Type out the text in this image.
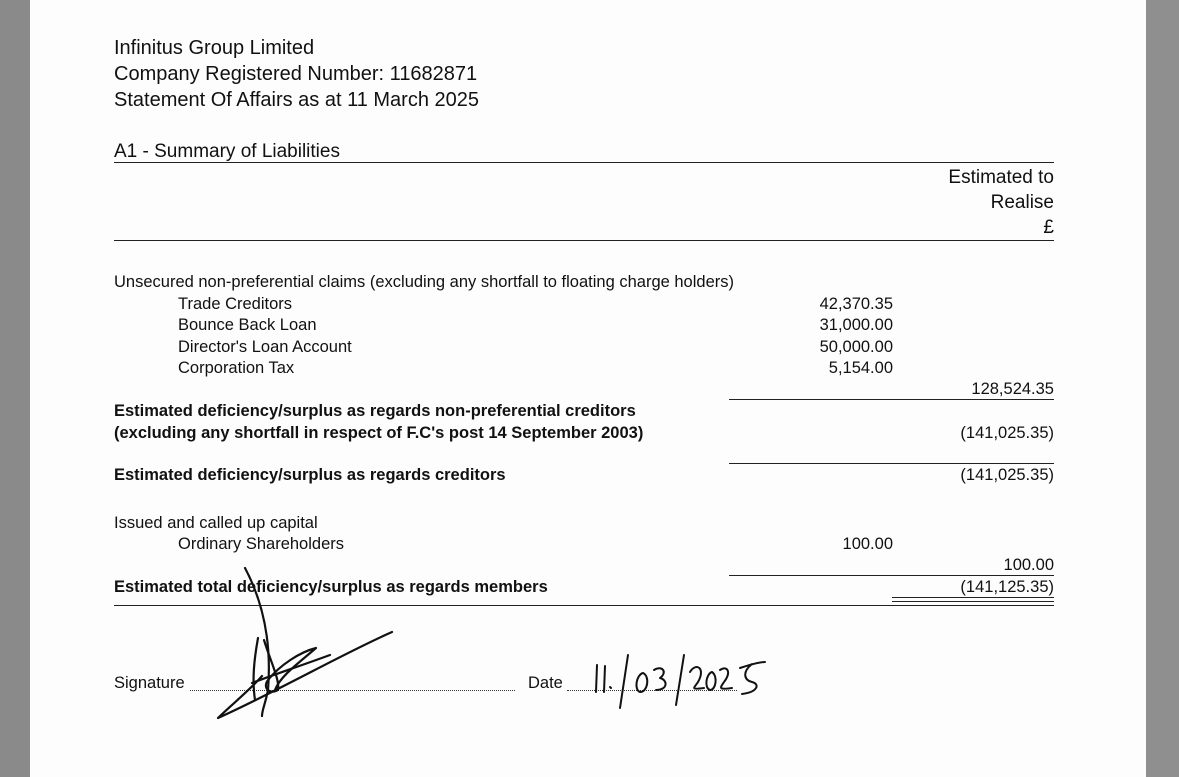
Infinitus Group Limited
Company Registered Number: 11682871
Statement Of Affairs as at 11 March 2025
A1 - Summary of Liabilities
Estimated to
Realise
£
Unsecured non-preferential claims (excluding any shortfall to floating charge holders)
Trade Creditors	42,370.35
Bounce Back Loan	31,000.00
Director's Loan Account	50,000.00
Corporation Tax	5,154.00
128,524.35
Estimated deficiency/surplus as regards non-preferential creditors
(excluding any shortfall in respect of F.C's post 14 September 2003)	(141,025.35)
Estimated deficiency/surplus as regards creditors	(141,025.35)
Issued and called up capital
Ordinary Shareholders	100.00
100.00
Estimated total deficiency/surplus as regards members	(141,125.35)
Signature	Date
